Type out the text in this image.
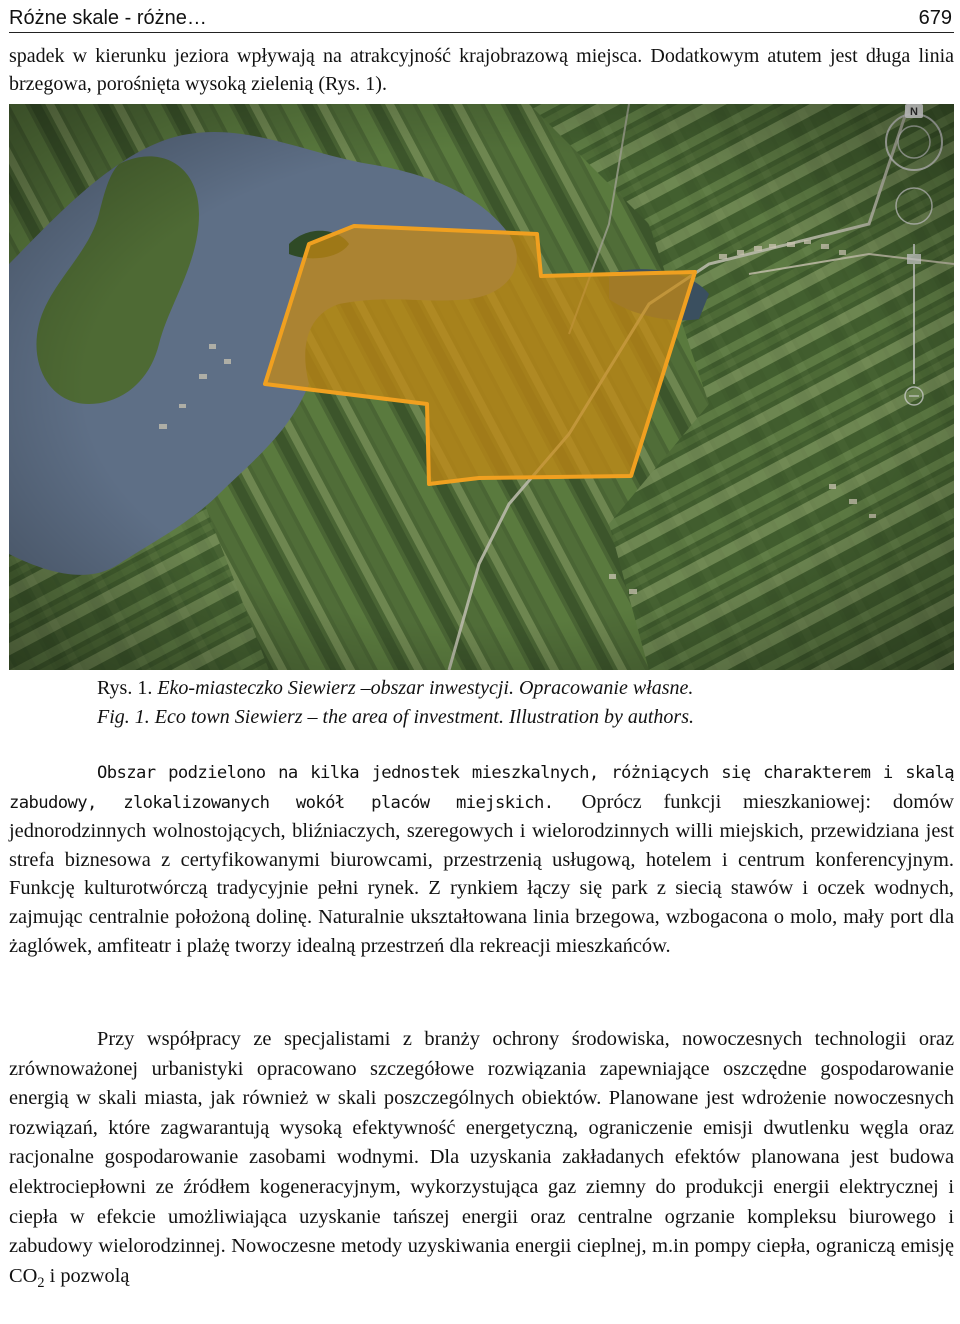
Różne skale - różne…	679
spadek w kierunku jeziora wpływają na atrakcyjność krajobrazową miejsca. Dodatkowym atutem jest długa linia brzegowa, porośnięta wysoką zielenią (Rys. 1).
Rys. 1. Eko-miasteczko Siewierz –obszar inwestycji. Opracowanie własne.
Fig. 1. Eco town Siewierz – the area of investment. Illustration by authors.

Obszar podzielono na kilka jednostek mieszkalnych, różniących się charakterem i skalą zabudowy, zlokalizowanych wokół placów miejskich. Oprócz funkcji mieszkaniowej: domów jednorodzinnych wolnostojących, bliźniaczych, szeregowych i wielorodzinnych willi miejskich, przewidziana jest strefa biznesowa z certyfikowanymi biurowcami, przestrzenią usługową, hotelem i centrum konferencyjnym. Funkcję kulturotwórczą tradycyjnie pełni rynek. Z rynkiem łączy się park z siecią stawów i oczek wodnych, zajmując centralnie położoną dolinę. Naturalnie ukształtowana linia brzegowa, wzbogacona o molo, mały port dla żaglówek, amfiteatr i plażę tworzy idealną przestrzeń dla rekreacji mieszkańców.

Przy współpracy ze specjalistami z branży ochrony środowiska, nowoczesnych technologii oraz zrównoważonej urbanistyki opracowano szczegółowe rozwiązania zapewniające oszczędne gospodarowanie energią w skali miasta, jak również w skali poszczególnych obiektów. Planowane jest wdrożenie nowoczesnych rozwiązań, które zagwarantują wysoką efektywność energetyczną, ograniczenie emisji dwutlenku węgla oraz racjonalne gospodarowanie zasobami wodnymi. Dla uzyskania zakładanych efektów planowana jest budowa elektrociepłowni ze źródłem kogeneracyjnym, wykorzystująca gaz ziemny do produkcji energii elektrycznej i ciepła w efekcie umożliwiająca uzyskanie tańszej energii oraz centralne ogrzanie kompleksu biurowego i zabudowy wielorodzinnej. Nowoczesne metody uzyskiwania energii cieplnej, m.in pompy ciepła, ograniczą emisję $CO_2$ i pozwolą
